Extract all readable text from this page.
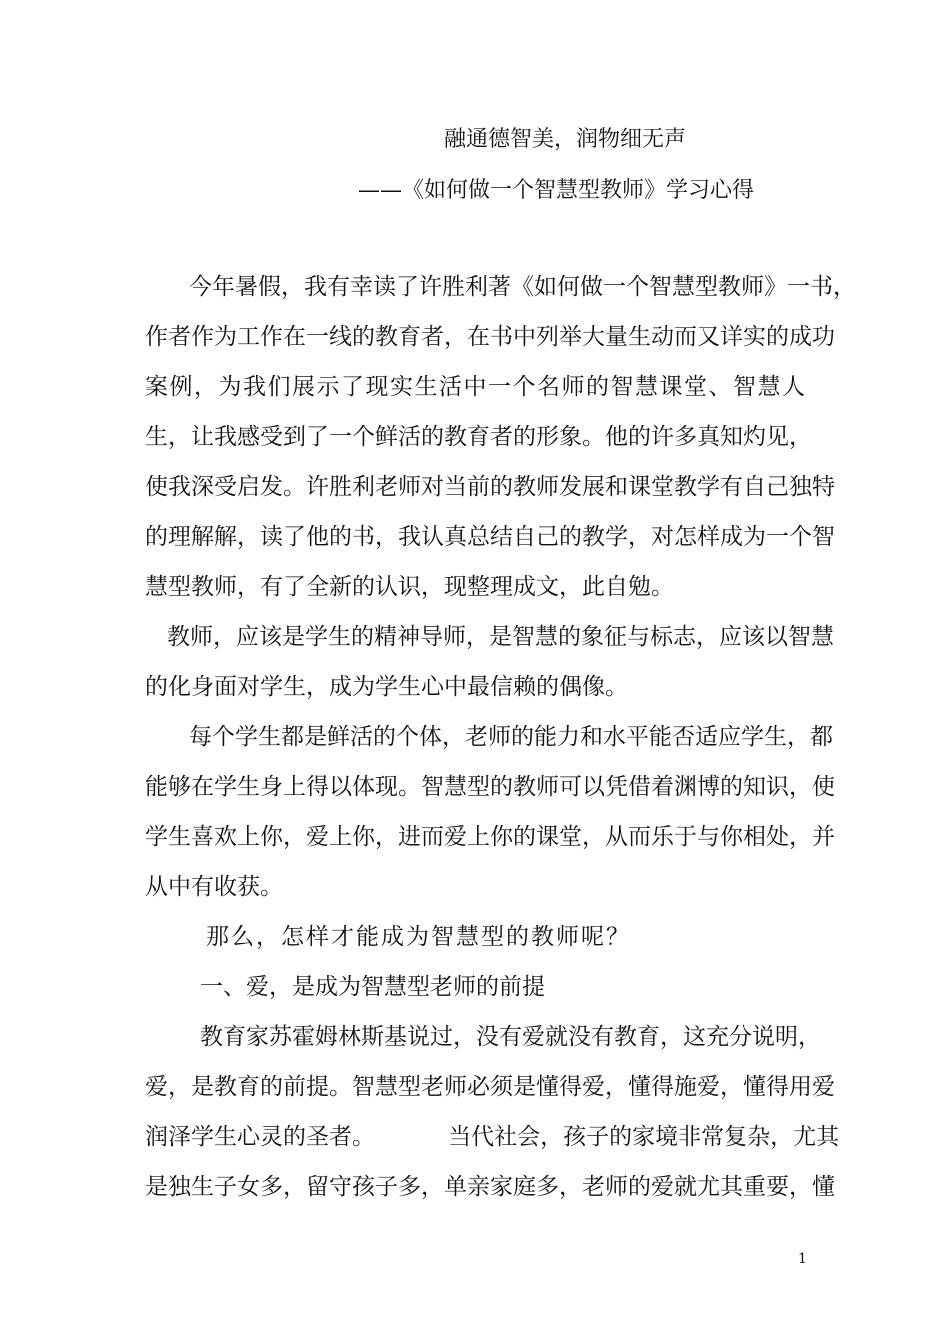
融通德智美，润物细无声
——《如何做一个智慧型教师》学习心得
今年暑假，我有幸读了许胜利著《如何做一个智慧型教师》一书，
作者作为工作在一线的教育者，在书中列举大量生动而又详实的成功
案例，为我们展示了现实生活中一个名师的智慧课堂、智慧人
生，让我感受到了一个鲜活的教育者的形象。他的许多真知灼见，
使我深受启发。许胜利老师对当前的教师发展和课堂教学有自己独特
的理解解，读了他的书，我认真总结自己的教学，对怎样成为一个智
慧型教师，有了全新的认识，现整理成文，此自勉。
教师，应该是学生的精神导师，是智慧的象征与标志，应该以智慧
的化身面对学生，成为学生心中最信赖的偶像。
每个学生都是鲜活的个体，老师的能力和水平能否适应学生，都
能够在学生身上得以体现。智慧型的教师可以凭借着渊博的知识，使
学生喜欢上你，爱上你，进而爱上你的课堂，从而乐于与你相处，并
从中有收获。
那么，怎样才能成为智慧型的教师呢？
一、爱，是成为智慧型老师的前提
教育家苏霍姆林斯基说过，没有爱就没有教育，这充分说明，
爱，是教育的前提。智慧型老师必须是懂得爱，懂得施爱，懂得用爱
润泽学生心灵的圣者。          当代社会，孩子的家境非常复杂，尤其
是独生子女多，留守孩子多，单亲家庭多，老师的爱就尤其重要，懂
1
